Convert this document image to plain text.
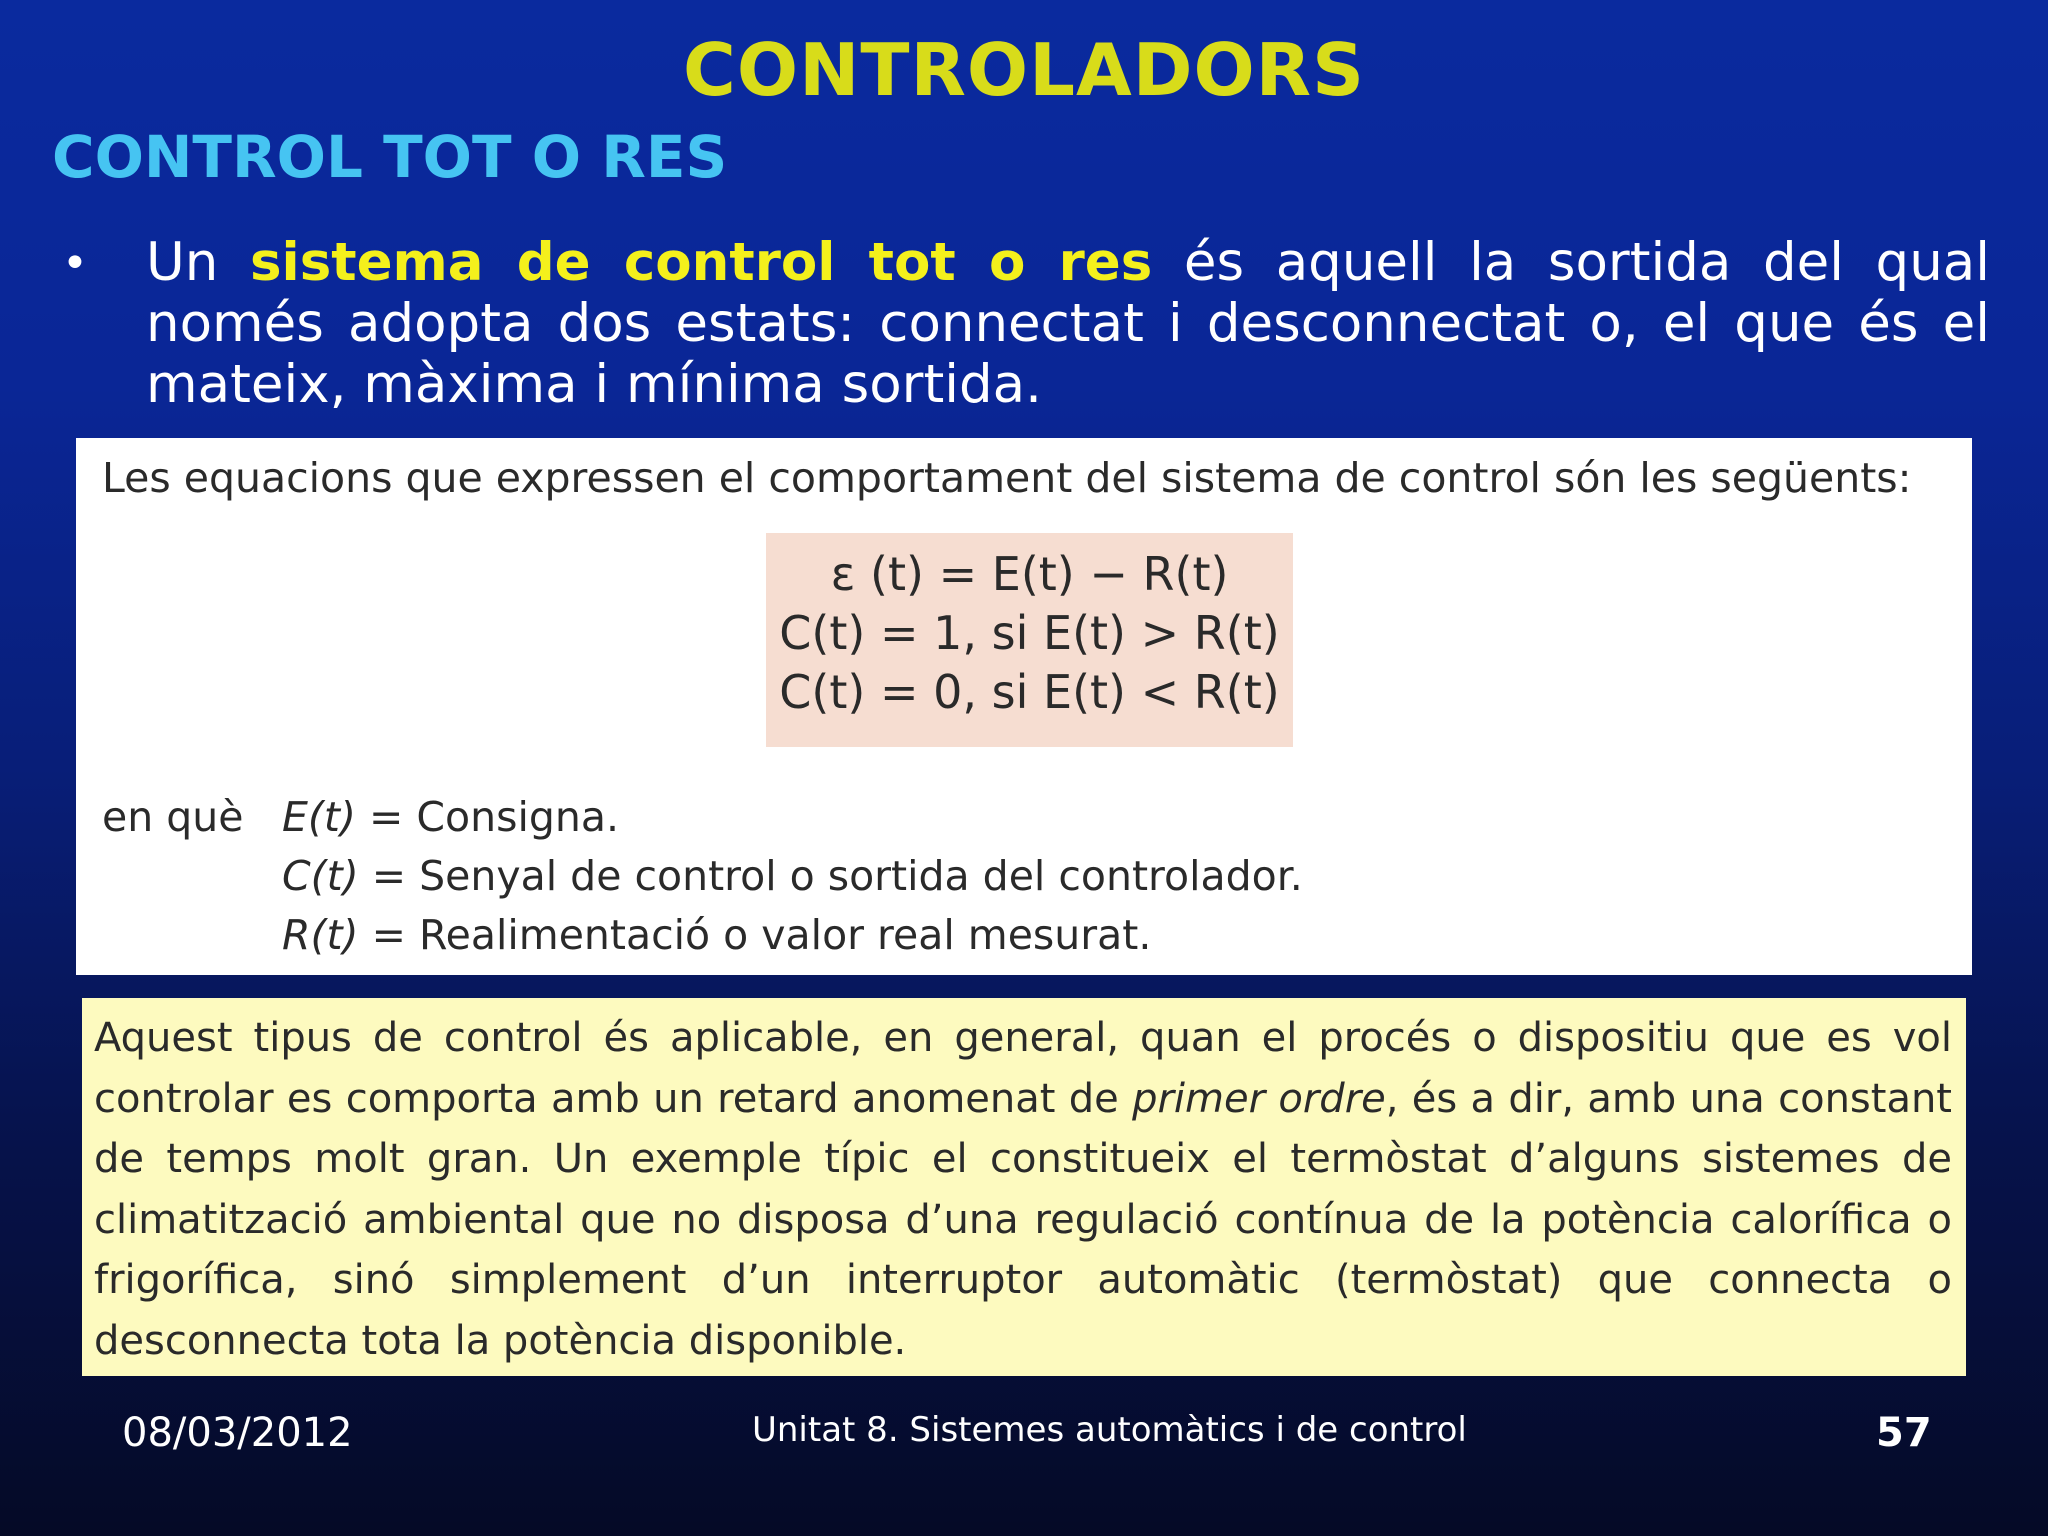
CONTROLADORS
CONTROL TOT O RES
• Un sistema de control tot o res és aquell la sortida del qual només adopta dos estats: connectat i desconnectat o, el que és el mateix, màxima i mínima sortida.
Les equacions que expressen el comportament del sistema de control són les següents:
ε (t) = E(t) − R(t)
C(t) = 1, si E(t) > R(t)
C(t) = 0, si E(t) < R(t)
en què E(t) = Consigna.
C(t) = Senyal de control o sortida del controlador.
R(t) = Realimentació o valor real mesurat.
Aquest tipus de control és aplicable, en general, quan el procés o dispositiu que es vol controlar es comporta amb un retard anomenat de primer ordre, és a dir, amb una constant de temps molt gran. Un exemple típic el constitueix el termòstat d’alguns sistemes de climatització ambiental que no disposa d’una regulació contínua de la potència calorífica o frigorífica, sinó simplement d’un interruptor automàtic (termòstat) que connecta o desconnecta tota la potència disponible.
08/03/2012	Unitat 8. Sistemes automàtics i de control	57
